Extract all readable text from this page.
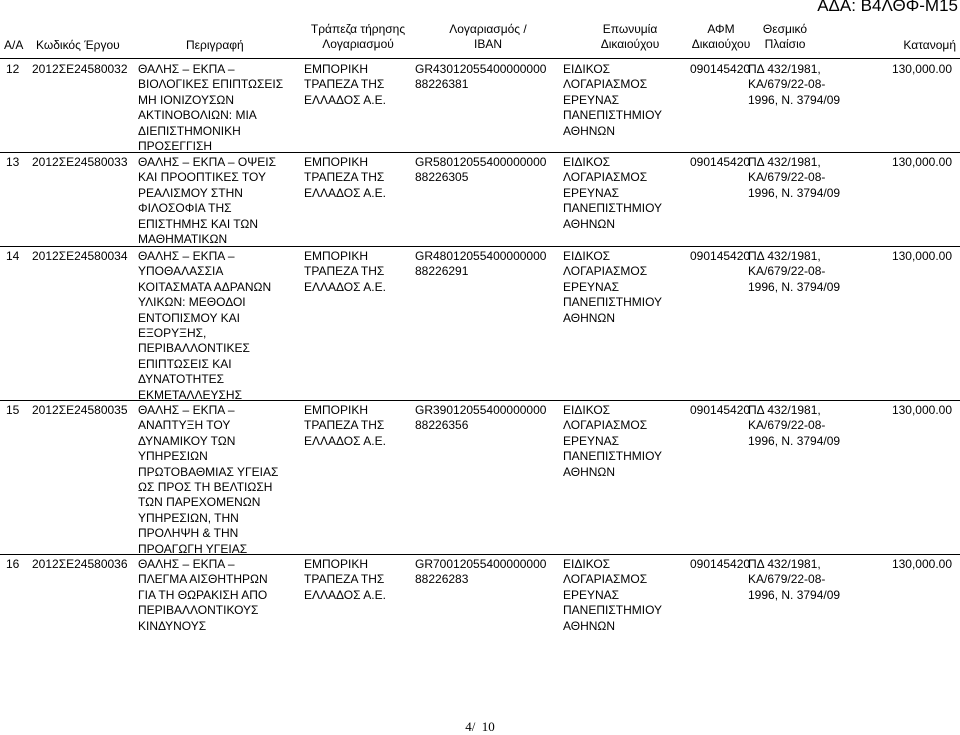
ΑΔΑ: Β4ΛΘΦ-Μ15
Α/Α Κωδικός Έργου	Περιγραφή
Τράπεζα τήρησης
Λογαριασμού
Λογαριασμός /
IBAN
Επωνυμία
Δικαιούχου
ΑΦΜ
Δικαιούχου
Θεσμικό
Πλαίσιο	Κατανομή
12 2012ΣΕ24580032 ΘΑΛΗΣ – ΕΚΠΑ –
ΒΙΟΛΟΓΙΚΕΣ ΕΠΙΠΤΩΣΕΙΣ
ΜΗ ΙΟΝΙΖΟΥΣΩΝ
ΑΚΤΙΝΟΒΟΛΙΩΝ: ΜΙΑ
ΔΙΕΠΙΣΤΗΜΟΝΙΚΗ
ΠΡΟΣΕΓΓΙΣΗ
ΕΜΠΟΡΙΚΗ
ΤΡΑΠΕΖΑ ΤΗΣ
ΕΛΛΑΔΟΣ Α.Ε.
GR43012055400000000
88226381
ΕΙΔΙΚΟΣ
ΛΟΓΑΡΙΑΣΜΟΣ
ΕΡΕΥΝΑΣ
ΠΑΝΕΠΙΣΤΗΜΙΟΥ
ΑΘΗΝΩΝ
090145420
ΠΔ 432/1981,
ΚΑ/679/22-08-
1996, Ν. 3794/09
130,000.00
13 2012ΣΕ24580033 ΘΑΛΗΣ – ΕΚΠΑ – ΟΨΕΙΣ
ΚΑΙ ΠΡΟΟΠΤΙΚΕΣ ΤΟΥ
ΡΕΑΛΙΣΜΟΥ ΣΤΗΝ
ΦΙΛΟΣΟΦΙΑ ΤΗΣ
ΕΠΙΣΤΗΜΗΣ ΚΑΙ ΤΩΝ
ΜΑΘΗΜΑΤΙΚΩΝ
ΕΜΠΟΡΙΚΗ
ΤΡΑΠΕΖΑ ΤΗΣ
ΕΛΛΑΔΟΣ Α.Ε.
GR58012055400000000
88226305
ΕΙΔΙΚΟΣ
ΛΟΓΑΡΙΑΣΜΟΣ
ΕΡΕΥΝΑΣ
ΠΑΝΕΠΙΣΤΗΜΙΟΥ
ΑΘΗΝΩΝ
090145420
ΠΔ 432/1981,
ΚΑ/679/22-08-
1996, Ν. 3794/09
130,000.00
14 2012ΣΕ24580034 ΘΑΛΗΣ – ΕΚΠΑ –
ΥΠΟΘΑΛΑΣΣΙΑ
ΚΟΙΤΑΣΜΑΤΑ ΑΔΡΑΝΩΝ
ΥΛΙΚΩΝ: ΜΕΘΟΔΟΙ
ΕΝΤΟΠΙΣΜΟΥ ΚΑΙ
ΕΞΟΡΥΞΗΣ,
ΠΕΡΙΒΑΛΛΟΝΤΙΚΕΣ
ΕΠΙΠΤΩΣΕΙΣ ΚΑΙ
ΔΥΝΑΤΟΤΗΤΕΣ
ΕΚΜΕΤΑΛΛΕΥΣΗΣ
ΕΜΠΟΡΙΚΗ
ΤΡΑΠΕΖΑ ΤΗΣ
ΕΛΛΑΔΟΣ Α.Ε.
GR48012055400000000
88226291
ΕΙΔΙΚΟΣ
ΛΟΓΑΡΙΑΣΜΟΣ
ΕΡΕΥΝΑΣ
ΠΑΝΕΠΙΣΤΗΜΙΟΥ
ΑΘΗΝΩΝ
090145420
ΠΔ 432/1981,
ΚΑ/679/22-08-
1996, Ν. 3794/09
130,000.00
15 2012ΣΕ24580035 ΘΑΛΗΣ – ΕΚΠΑ –
ΑΝΑΠΤΥΞΗ ΤΟΥ
ΔΥΝΑΜΙΚΟΥ ΤΩΝ
ΥΠΗΡΕΣΙΩΝ
ΠΡΩΤΟΒΑΘΜΙΑΣ ΥΓΕΙΑΣ
ΩΣ ΠΡΟΣ ΤΗ ΒΕΛΤΙΩΣΗ
ΤΩΝ ΠΑΡΕΧΟΜΕΝΩΝ
ΥΠΗΡΕΣΙΩΝ, ΤΗΝ
ΠΡΟΛΗΨΗ & ΤΗΝ
ΠΡΟΑΓΩΓΗ ΥΓΕΙΑΣ
ΕΜΠΟΡΙΚΗ
ΤΡΑΠΕΖΑ ΤΗΣ
ΕΛΛΑΔΟΣ Α.Ε.
GR39012055400000000
88226356
ΕΙΔΙΚΟΣ
ΛΟΓΑΡΙΑΣΜΟΣ
ΕΡΕΥΝΑΣ
ΠΑΝΕΠΙΣΤΗΜΙΟΥ
ΑΘΗΝΩΝ
090145420
ΠΔ 432/1981,
ΚΑ/679/22-08-
1996, Ν. 3794/09
130,000.00
16 2012ΣΕ24580036 ΘΑΛΗΣ – ΕΚΠΑ –
ΠΛΕΓΜΑ ΑΙΣΘΗΤΗΡΩΝ
ΓΙΑ ΤΗ ΘΩΡΑΚΙΣΗ ΑΠΟ
ΠΕΡΙΒΑΛΛΟΝΤΙΚΟΥΣ
ΚΙΝΔΥΝΟΥΣ
ΕΜΠΟΡΙΚΗ
ΤΡΑΠΕΖΑ ΤΗΣ
ΕΛΛΑΔΟΣ Α.Ε.
GR70012055400000000
88226283
ΕΙΔΙΚΟΣ
ΛΟΓΑΡΙΑΣΜΟΣ
ΕΡΕΥΝΑΣ
ΠΑΝΕΠΙΣΤΗΜΙΟΥ
ΑΘΗΝΩΝ
090145420
ΠΔ 432/1981,
ΚΑ/679/22-08-
1996, Ν. 3794/09
130,000.00
4/  10
